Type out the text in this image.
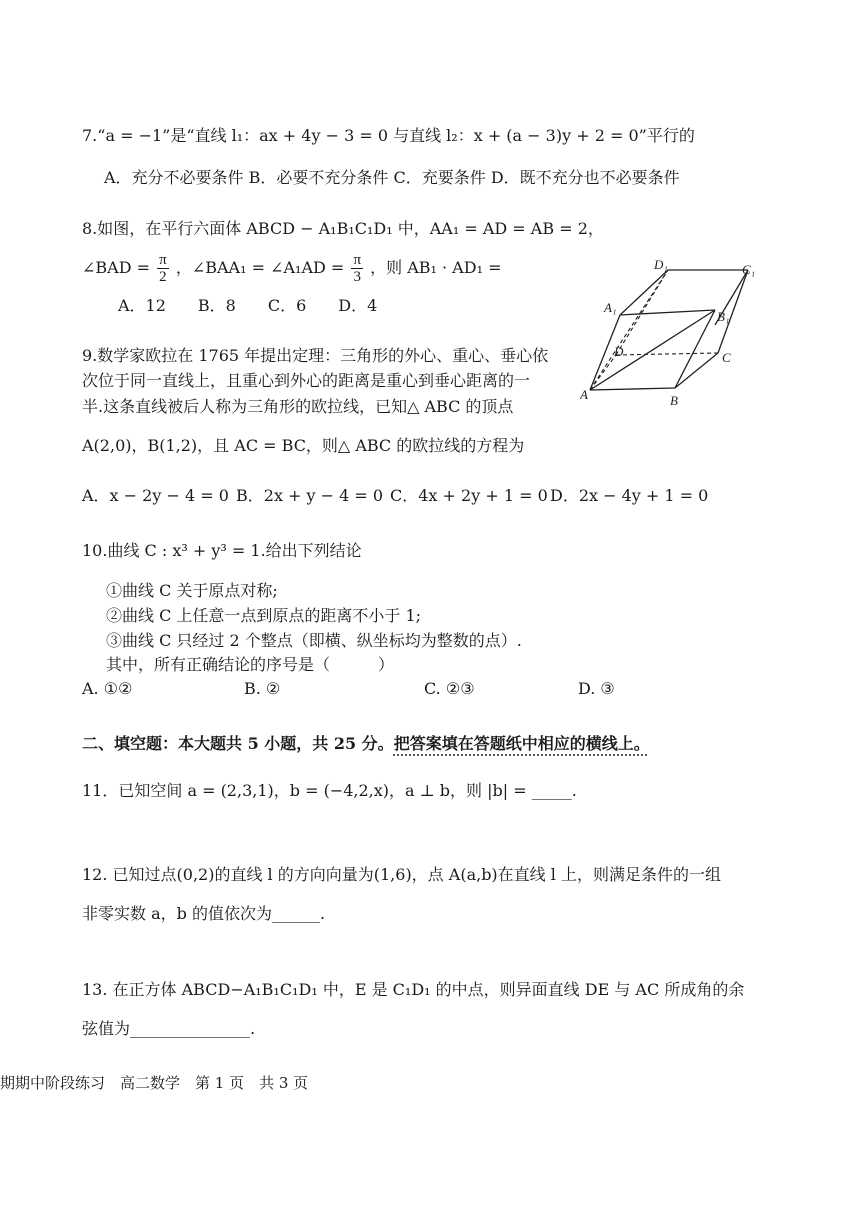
7.“a = −1”是“直线 l₁：ax + 4y − 3 = 0 与直线 l₂：x + (a − 3)y + 2 = 0”平行的
A．充分不必要条件 B．必要不充分条件 C．充要条件 D．既不充分也不必要条件
8.如图，在平行六面体 ABCD − A₁B₁C₁D₁ 中，AA₁ = AD = AB = 2，
∠BAD = $\frac{\pi}{2}$ ，∠BAA₁ = ∠A₁AD = $\frac{\pi}{3}$ ，则 AB₁ · AD₁ =
A．12　　B．8　　C．6　　D．4
A	B
C
D
A₁
B₁
C₁
D₁
9.数学家欧拉在 1765 年提出定理：三角形的外心、重心、垂心依
次位于同一直线上，且重心到外心的距离是重心到垂心距离的一
半.这条直线被后人称为三角形的欧拉线，已知△ ABC 的顶点
A(2,0)，B(1,2)，且 AC = BC，则△ ABC 的欧拉线的方程为
A．x − 2y − 4 = 0 B．2x + y − 4 = 0 C．4x + 2y + 1 = 0 D．2x − 4y + 1 = 0
10.曲线 C : x³ + y³ = 1.给出下列结论
①曲线 C 关于原点对称;
②曲线 C 上任意一点到原点的距离不小于 1;
③曲线 C 只经过 2 个整点（即横、纵坐标均为整数的点）.
其中，所有正确结论的序号是（　　　）
A. ①②	B. ②	C. ②③	D. ③
二、填空题：本大题共 5 小题，共 25 分。把答案填在答题纸中相应的横线上。
11．已知空间 a = (2,3,1)，b = (−4,2,x)，a ⊥ b，则 |b| = _____.
12. 已知过点(0,2)的直线 l 的方向向量为(1,6)，点 A(a,b)在直线 l 上，则满足条件的一组
非零实数 a，b 的值依次为______.
13. 在正方体 ABCD−A₁B₁C₁D₁ 中，E 是 C₁D₁ 的中点，则异面直线 DE 与 AC 所成角的余
弦值为_______________.
期期中阶段练习　高二数学　第 1 页　共 3 页
